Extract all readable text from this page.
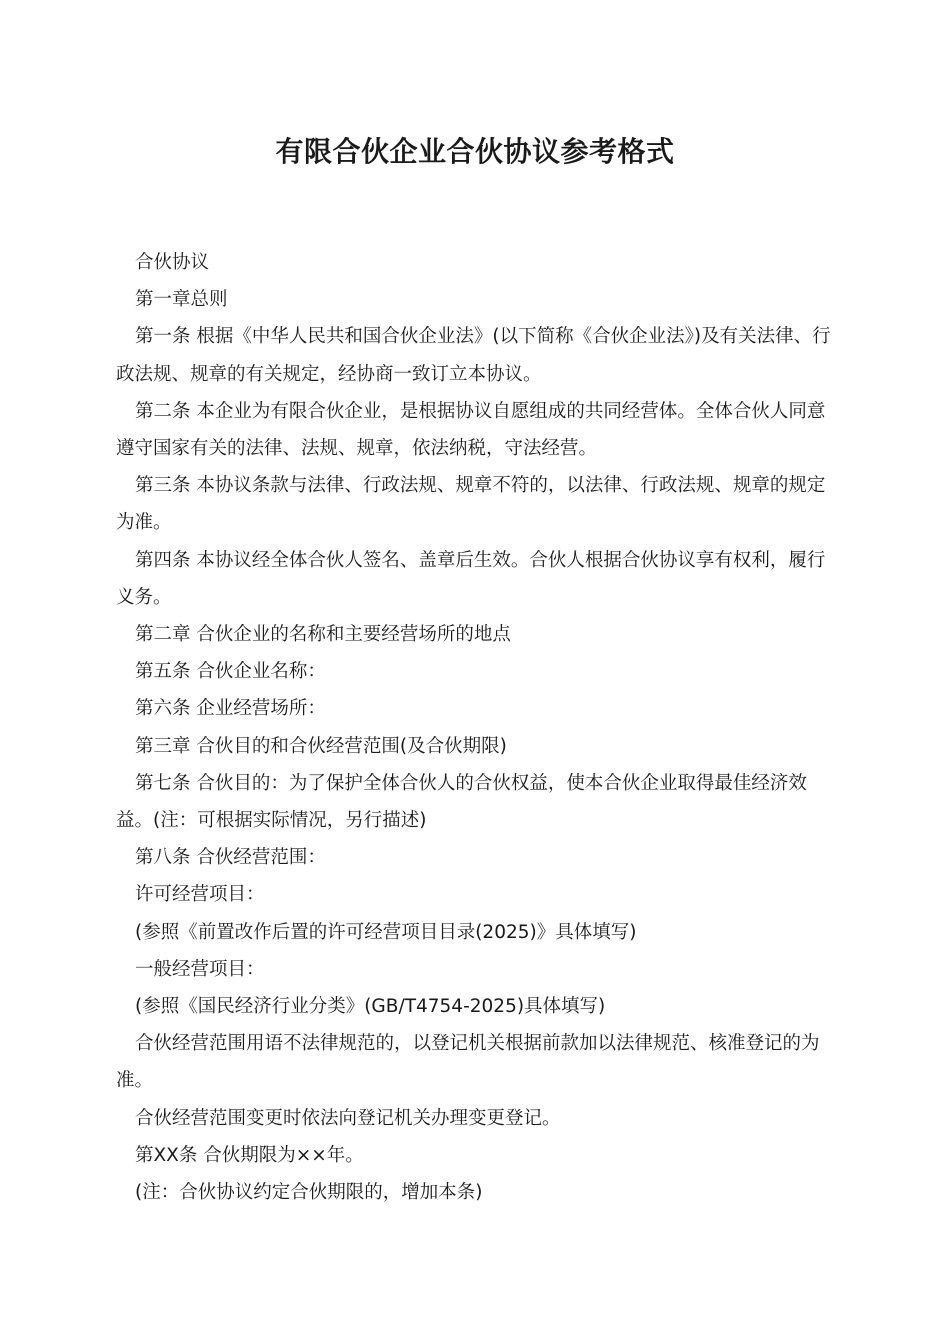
有限合伙企业合伙协议参考格式

合伙协议

第一章总则

第一条 根据《中华人民共和国合伙企业法》(以下简称《合伙企业法》)及有关法律、行政法规、规章的有关规定，经协商一致订立本协议。

第二条 本企业为有限合伙企业，是根据协议自愿组成的共同经营体。全体合伙人同意遵守国家有关的法律、法规、规章，依法纳税，守法经营。

第三条 本协议条款与法律、行政法规、规章不符的，以法律、行政法规、规章的规定为准。

第四条 本协议经全体合伙人签名、盖章后生效。合伙人根据合伙协议享有权利，履行义务。

第二章 合伙企业的名称和主要经营场所的地点

第五条 合伙企业名称：

第六条 企业经营场所：

第三章 合伙目的和合伙经营范围(及合伙期限)

第七条 合伙目的：为了保护全体合伙人的合伙权益，使本合伙企业取得最佳经济效益。(注：可根据实际情况，另行描述)

第八条 合伙经营范围：

许可经营项目：

(参照《前置改作后置的许可经营项目目录(2025)》具体填写)

一般经营项目：

(参照《国民经济行业分类》(GB/T4754-2025)具体填写)

合伙经营范围用语不法律规范的，以登记机关根据前款加以法律规范、核准登记的为准。

合伙经营范围变更时依法向登记机关办理变更登记。

第XX条 合伙期限为××年。

(注：合伙协议约定合伙期限的，增加本条)
